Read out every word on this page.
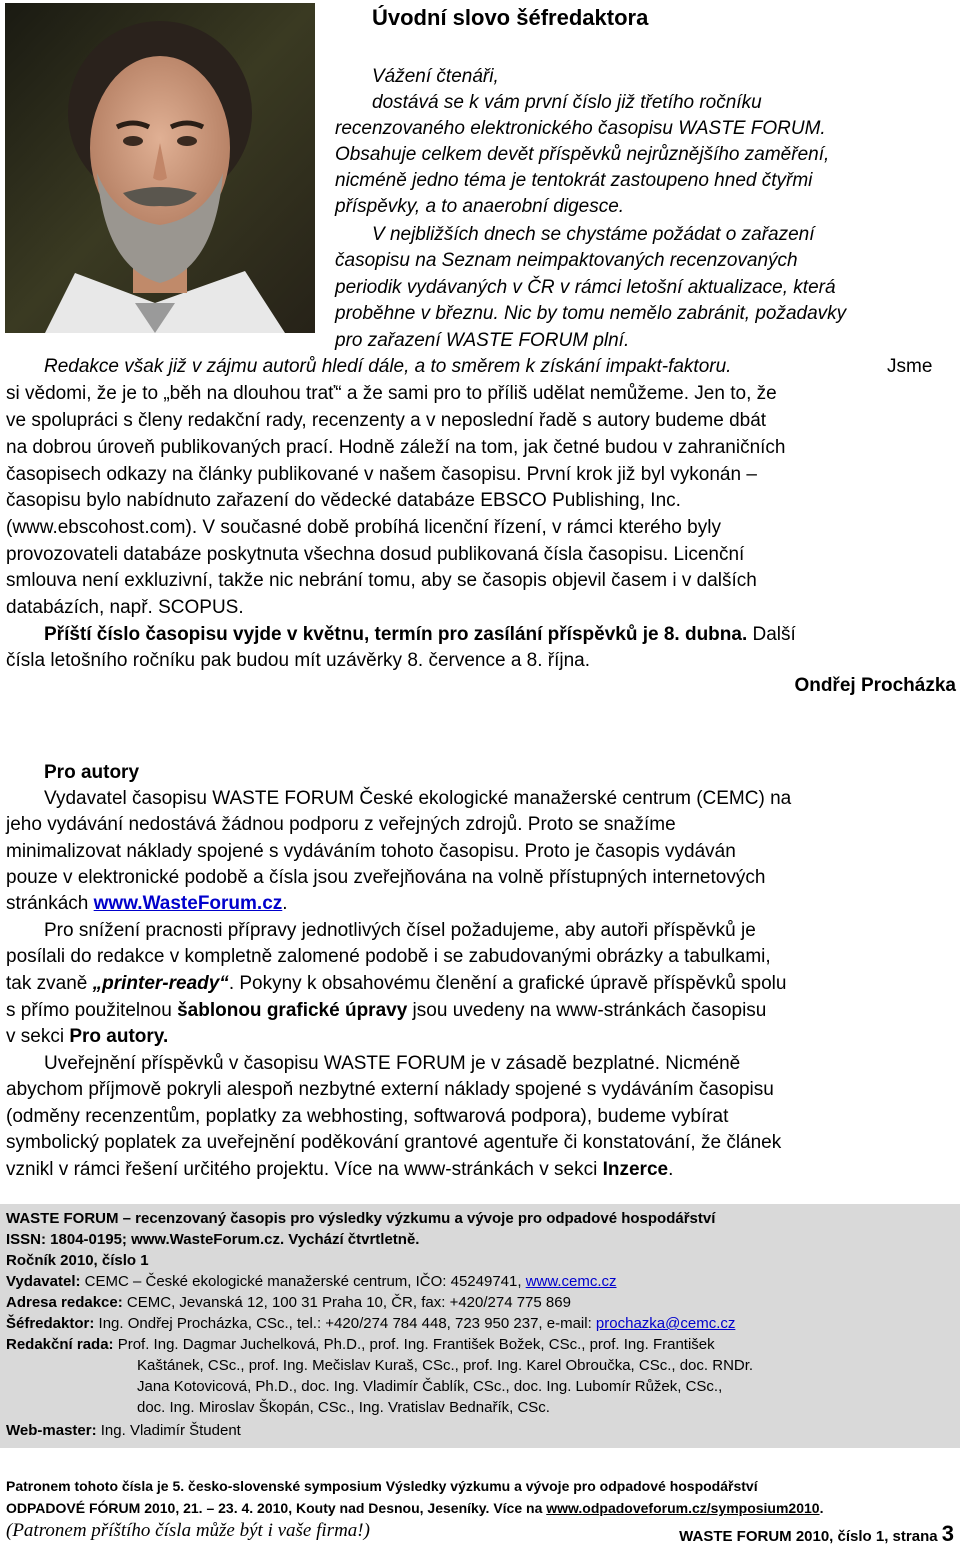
Úvodní slovo šéfredaktora
Vážení čtenáři,
dostává se k vám první číslo již třetího ročníku
recenzovaného elektronického časopisu WASTE FORUM.
Obsahuje celkem devět příspěvků nejrůznějšího zaměření,
nicméně jedno téma je tentokrát zastoupeno hned čtyřmi
příspěvky, a to anaerobní digesce.
V nejbližších dnech se chystáme požádat o zařazení
časopisu na Seznam neimpaktovaných recenzovaných
periodik vydávaných v ČR v rámci letošní aktualizace, která
proběhne v březnu. Nic by tomu nemělo zabránit, požadavky
pro zařazení WASTE FORUM plní.
Redakce však již v zájmu autorů hledí dále, a to směrem k získání impakt-faktoru.	Jsme
si vědomi, že je to „běh na dlouhou trať“ a že sami pro to příliš udělat nemůžeme. Jen to, že
ve spolupráci s členy redakční rady, recenzenty a v neposlední řadě s autory budeme dbát
na dobrou úroveň publikovaných prací. Hodně záleží na tom, jak četné budou v zahraničních
časopisech odkazy na články publikované v našem časopisu. První krok již byl vykonán –
časopisu bylo nabídnuto zařazení do vědecké databáze EBSCO Publishing, Inc.
(www.ebscohost.com). V současné době probíhá licenční řízení, v rámci kterého byly
provozovateli databáze poskytnuta všechna dosud publikovaná čísla časopisu. Licenční
smlouva není exkluzivní, takže nic nebrání tomu, aby se časopis objevil časem i v dalších
databázích, např. SCOPUS.
Příští číslo časopisu vyjde v květnu, termín pro zasílání příspěvků je 8. dubna. Další
čísla letošního ročníku pak budou mít uzávěrky 8. července a 8. října.
Ondřej Procházka
Pro autory
Vydavatel časopisu WASTE FORUM České ekologické manažerské centrum (CEMC) na
jeho vydávání nedostává žádnou podporu z veřejných zdrojů. Proto se snažíme
minimalizovat náklady spojené s vydáváním tohoto časopisu. Proto je časopis vydáván
pouze v elektronické podobě a čísla jsou zveřejňována na volně přístupných internetových
stránkách www.WasteForum.cz.
Pro snížení pracnosti přípravy jednotlivých čísel požadujeme, aby autoři příspěvků je
posílali do redakce v kompletně zalomené podobě i se zabudovanými obrázky a tabulkami,
tak zvaně „printer-ready“. Pokyny k obsahovému členění a grafické úpravě příspěvků spolu
s přímo použitelnou šablonou grafické úpravy jsou uvedeny na www-stránkách časopisu
v sekci Pro autory.
Uveřejnění příspěvků v časopisu WASTE FORUM je v zásadě bezplatné. Nicméně
abychom příjmově pokryli alespoň nezbytné externí náklady spojené s vydáváním časopisu
(odměny recenzentům, poplatky za webhosting, softwarová podpora), budeme vybírat
symbolický poplatek za uveřejnění poděkování grantové agentuře či konstatování, že článek
vznikl v rámci řešení určitého projektu. Více na www-stránkách v sekci Inzerce.
WASTE FORUM – recenzovaný časopis pro výsledky výzkumu a vývoje pro odpadové hospodářství
ISSN: 1804-0195; www.WasteForum.cz. Vychází čtvrtletně.
Ročník 2010, číslo 1
Vydavatel: CEMC – České ekologické manažerské centrum, IČO: 45249741, www.cemc.cz
Adresa redakce: CEMC, Jevanská 12, 100 31 Praha 10, ČR, fax: +420/274 775 869
Šéfredaktor: Ing. Ondřej Procházka, CSc., tel.: +420/274 784 448, 723 950 237, e-mail: prochazka@cemc.cz
Redakční rada: Prof. Ing. Dagmar Juchelková, Ph.D., prof. Ing. František Božek, CSc., prof. Ing. František
Kaštánek, CSc., prof. Ing. Mečislav Kuraš, CSc., prof. Ing. Karel Obroučka, CSc., doc. RNDr.
Jana Kotovicová, Ph.D., doc. Ing. Vladimír Čablík, CSc., doc. Ing. Lubomír Růžek, CSc.,
doc. Ing. Miroslav Škopán, CSc., Ing. Vratislav Bednařík, CSc.
Web-master: Ing. Vladimír Študent
Patronem tohoto čísla je 5. česko-slovenské symposium Výsledky výzkumu a vývoje pro odpadové hospodářství
ODPADOVÉ FÓRUM 2010, 21. – 23. 4. 2010, Kouty nad Desnou, Jeseníky. Více na www.odpadoveforum.cz/symposium2010.
(Patronem příštího čísla může být i vaše firma!)	WASTE FORUM 2010, číslo 1, strana 3
